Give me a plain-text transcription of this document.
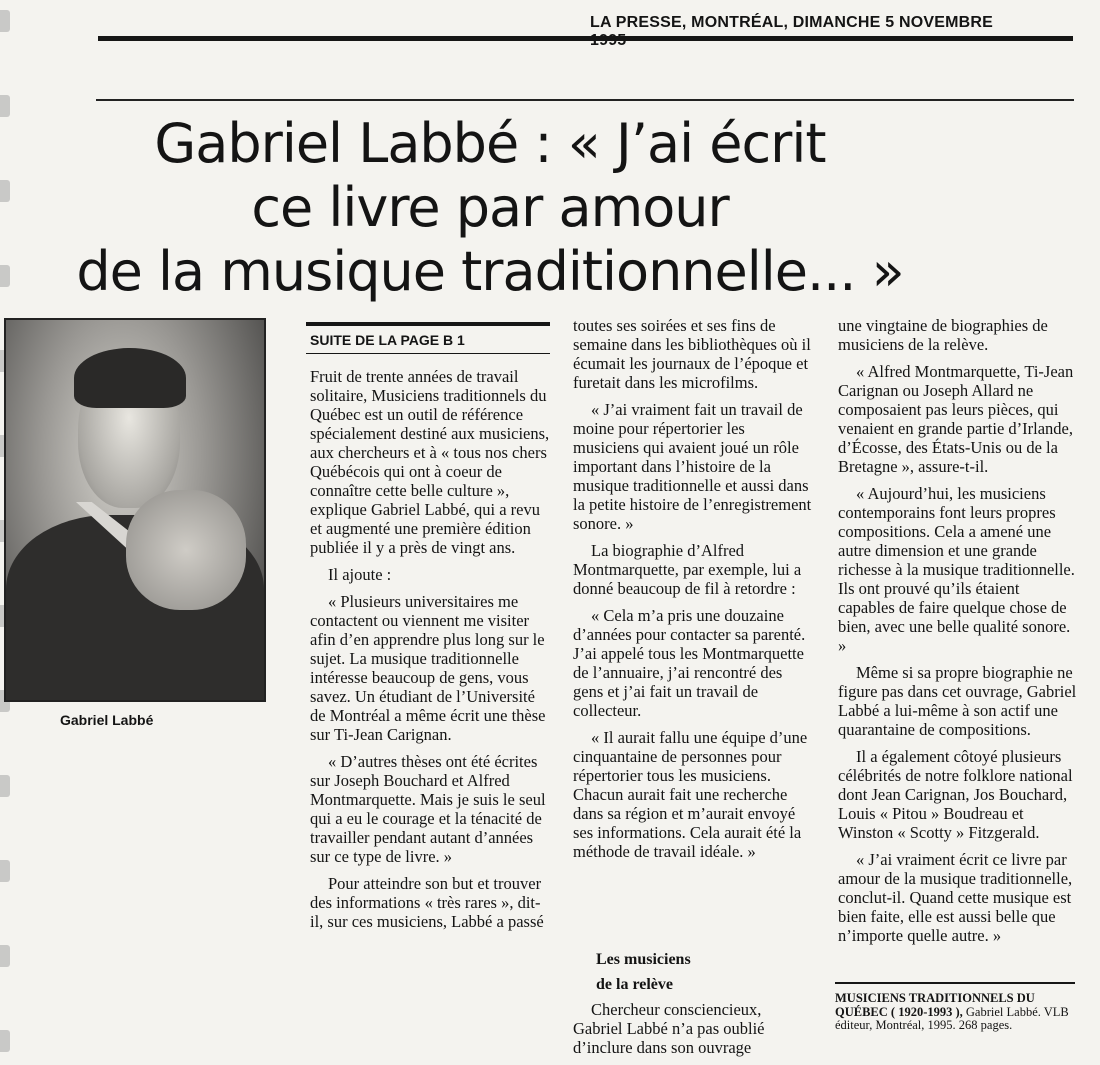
LA PRESSE, MONTRÉAL, DIMANCHE 5 NOVEMBRE
Gabriel Labbé : « J’ai écrit
ce livre par amour
de la musique traditionnelle... »
Gabriel Labbé
SUITE DE LA PAGE B 1

Fruit de trente années de travail solitaire, Musiciens traditionnels du Québec est un outil de référence spécialement destiné aux musiciens, aux chercheurs et à « tous nos chers Québécois qui ont à coeur de connaître cette belle culture », explique Gabriel Labbé, qui a revu et augmenté une première édition publiée il y a près de vingt ans.

Il ajoute :

« Plusieurs universitaires me contactent ou viennent me visiter afin d’en apprendre plus long sur le sujet. La musique traditionnelle intéresse beaucoup de gens, vous savez. Un étudiant de l’Université de Montréal a même écrit une thèse sur Ti-Jean Carignan.

« D’autres thèses ont été écrites sur Joseph Bouchard et Alfred Montmarquette. Mais je suis le seul qui a eu le courage et la ténacité de travailler pendant autant d’années sur ce type de livre. »

Pour atteindre son but et trouver des informations « très rares », dit-il, sur ces musiciens, Labbé a passé

toutes ses soirées et ses fins de semaine dans les bibliothèques où il écumait les journaux de l’époque et furetait dans les microfilms.

« J’ai vraiment fait un travail de moine pour répertorier les musiciens qui avaient joué un rôle important dans l’histoire de la musique traditionnelle et aussi dans la petite histoire de l’enregistrement sonore. »

La biographie d’Alfred Montmarquette, par exemple, lui a donné beaucoup de fil à retordre :

« Cela m’a pris une douzaine d’années pour contacter sa parenté. J’ai appelé tous les Montmarquette de l’annuaire, j’ai rencontré des gens et j’ai fait un travail de collecteur.

« Il aurait fallu une équipe d’une cinquantaine de personnes pour répertorier tous les musiciens. Chacun aurait fait une recherche dans sa région et m’aurait envoyé ses informations. Cela aurait été la méthode de travail idéale. »

Les musiciens
de la relève

Chercheur consciencieux, Gabriel Labbé n’a pas oublié d’inclure dans son ouvrage

une vingtaine de biographies de musiciens de la relève.

« Alfred Montmarquette, Ti-Jean Carignan ou Joseph Allard ne composaient pas leurs pièces, qui venaient en grande partie d’Irlande, d’Écosse, des États-Unis ou de la Bretagne », assure-t-il.

« Aujourd’hui, les musiciens contemporains font leurs propres compositions. Cela a amené une autre dimension et une grande richesse à la musique traditionnelle. Ils ont prouvé qu’ils étaient capables de faire quelque chose de bien, avec une belle qualité sonore. »

Même si sa propre biographie ne figure pas dans cet ouvrage, Gabriel Labbé a lui-même à son actif une quarantaine de compositions.

Il a également côtoyé plusieurs célébrités de notre folklore national dont Jean Carignan, Jos Bouchard, Louis « Pitou » Boudreau et Winston « Scotty » Fitzgerald.

« J’ai vraiment écrit ce livre par amour de la musique traditionnelle, conclut-il. Quand cette musique est bien faite, elle est aussi belle que n’importe quelle autre. »

MUSICIENS TRADITIONNELS DU QUÉBEC ( 1920-1993 ), Gabriel Labbé. VLB éditeur, Montréal, 1995. 268 pages.
